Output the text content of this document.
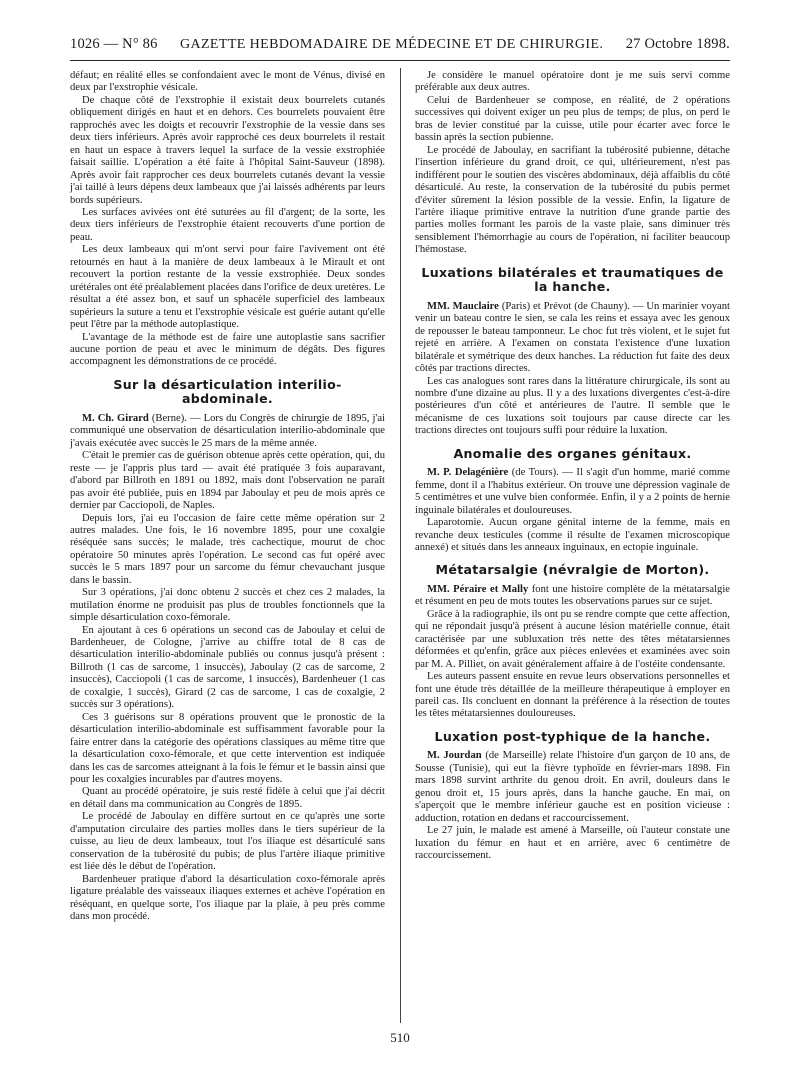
1026 — N° 86 GAZETTE HEBDOMADAIRE DE MÉDECINE ET DE CHIRURGIE. 27 Octobre 1898.

défaut; en réalité elles se confondaient avec le mont de Vénus, divisé en deux par l'exstrophie vésicale.

De chaque côté de l'exstrophie il existait deux bourrelets cutanés obliquement dirigés en haut et en dehors. Ces bourrelets pouvaient être rapprochés avec les doigts et recouvrir l'exstrophie de la vessie dans ses deux tiers inférieurs. Après avoir rapproché ces deux bourrelets il restait en haut un espace à travers lequel la surface de la vessie exstrophiée faisait saillie. L'opération a été faite à l'hôpital Saint-Sauveur (1898). Après avoir fait rapprocher ces deux bourrelets cutanés devant la vessie j'ai taillé à leurs dépens deux lambeaux que j'ai laissés adhérents par leurs bords supérieurs.

Les surfaces avivées ont été suturées au fil d'argent; de la sorte, les deux tiers inférieurs de l'exstrophie étaient recouverts d'une portion de peau.

Les deux lambeaux qui m'ont servi pour faire l'avivement ont été retournés en haut à la manière de deux lambeaux à le Mirault et ont recouvert la portion restante de la vessie exstrophiée. Deux sondes urétérales ont été préalablement placées dans l'orifice de deux uretères. Le résultat a été assez bon, et sauf un sphacèle superficiel des lambeaux supérieurs la suture a tenu et l'exstrophie vésicale est guérie autant qu'elle peut l'être par la méthode autoplastique.

L'avantage de la méthode est de faire une autoplastie sans sacrifier aucune portion de peau et avec le minimum de dégâts. Des figures accompagnent les démonstrations de ce procédé.

Sur la désarticulation interilio-abdominale.

M. Ch. Girard (Berne). — Lors du Congrès de chirurgie de 1895, j'ai communiqué une observation de désarticulation interilio-abdominale que j'avais exécutée avec succès le 25 mars de la même année.

C'était le premier cas de guérison obtenue après cette opération, qui, du reste — je l'appris plus tard — avait été pratiquée 3 fois auparavant, d'abord par Billroth en 1891 ou 1892, mais dont l'observation ne paraît pas avoir été publiée, puis en 1894 par Jaboulay et peu de mois après ce dernier par Cacciopoli, de Naples.

Depuis lors, j'ai eu l'occasion de faire cette même opération sur 2 autres malades. Une fois, le 16 novembre 1895, pour une coxalgie réséquée sans succès; le malade, très cachectique, mourut de choc opératoire 50 minutes après l'opération. Le second cas fut opéré avec succès le 5 mars 1897 pour un sarcome du fémur chevauchant jusque dans le bassin.

Sur 3 opérations, j'ai donc obtenu 2 succès et chez ces 2 malades, la mutilation énorme ne produisit pas plus de troubles fonctionnels que la simple désarticulation coxo-fémorale.

En ajoutant à ces 6 opérations un second cas de Jaboulay et celui de Bardenheuer, de Cologne, j'arrive au chiffre total de 8 cas de désarticulation interilio-abdominale publiés ou connus jusqu'à présent : Billroth (1 cas de sarcome, 1 insuccès), Jaboulay (2 cas de sarcome, 2 insuccès), Cacciopoli (1 cas de sarcome, 1 insuccès), Bardenheuer (1 cas de coxalgie, 1 succès), Girard (2 cas de sarcome, 1 cas de coxalgie, 2 succès sur 3 opérations).

Ces 3 guérisons sur 8 opérations prouvent que le pronostic de la désarticulation interilio-abdominale est suffisamment favorable pour la faire entrer dans la catégorie des opérations classiques au même titre que la désarticulation coxo-fémorale, et que cette intervention est indiquée dans les cas de sarcomes atteignant à la fois le fémur et le bassin ainsi que pour les coxalgies incurables par d'autres moyens.

Quant au procédé opératoire, je suis resté fidèle à celui que j'ai décrit en détail dans ma communication au Congrès de 1895.

Le procédé de Jaboulay en diffère surtout en ce qu'après une sorte d'amputation circulaire des parties molles dans le tiers supérieur de la cuisse, au lieu de deux lambeaux, tout l'os iliaque est désarticulé sans conservation de la tubérosité du pubis; de plus l'artère iliaque primitive est liée dès le début de l'opération.

Bardenheuer pratique d'abord la désarticulation coxo-fémorale après ligature préalable des vaisseaux iliaques externes et achève l'opération en réséquant, en quelque sorte, l'os iliaque par la plaie, à peu près comme dans mon procédé.

Je considère le manuel opératoire dont je me suis servi comme préférable aux deux autres.

Celui de Bardenheuer se compose, en réalité, de 2 opérations successives qui doivent exiger un peu plus de temps; de plus, on perd le bras de levier constitué par la cuisse, utile pour écarter avec force le bassin après la section pubienne.

Le procédé de Jaboulay, en sacrifiant la tubérosité pubienne, détache l'insertion inférieure du grand droit, ce qui, ultérieurement, n'est pas indifférent pour le soutien des viscères abdominaux, déjà affaiblis du côté désarticulé. Au reste, la conservation de la tubérosité du pubis permet d'éviter sûrement la lésion possible de la vessie. Enfin, la ligature de l'artère iliaque primitive entrave la nutrition d'une grande partie des parties molles formant les parois de la vaste plaie, sans diminuer très sensiblement l'hémorrhagie au cours de l'opération, ni faciliter beaucoup l'hémostase.

Luxations bilatérales et traumatiques de la hanche.

MM. Mauclaire (Paris) et Prévot (de Chauny). — Un marinier voyant venir un bateau contre le sien, se cala les reins et essaya avec les genoux de repousser le bateau tamponneur. Le choc fut très violent, et le sujet fut rejeté en arrière. A l'examen on constata l'existence d'une luxation bilatérale et symétrique des deux hanches. La réduction fut faite des deux côtés par tractions directes.

Les cas analogues sont rares dans la littérature chirurgicale, ils sont au nombre d'une dizaine au plus. Il y a des luxations divergentes c'est-à-dire postérieures d'un côté et antérieures de l'autre. Il semble que le mécanisme de ces luxations soit toujours par cause directe car les tractions directes ont toujours suffi pour réduire la luxation.

Anomalie des organes génitaux.

M. P. Delagénière (de Tours). — Il s'agit d'un homme, marié comme femme, dont il a l'habitus extérieur. On trouve une dépression vaginale de 5 centimètres et une vulve bien conformée. Enfin, il y a 2 points de hernie inguinale bilatérales et douloureuses.

Laparotomie. Aucun organe génital interne de la femme, mais en revanche deux testicules (comme il résulte de l'examen microscopique annexé) et situés dans les anneaux inguinaux, en ectopie inguinale.

Métatarsalgie (névralgie de Morton).

MM. Péraire et Mally font une histoire complète de la métatarsalgie et résument en peu de mots toutes les observations parues sur ce sujet.

Grâce à la radiographie, ils ont pu se rendre compte que cette affection, qui ne répondait jusqu'à présent à aucune lésion matérielle connue, était caractérisée par une subluxation très nette des têtes métatarsiennes déformées et qu'enfin, grâce aux pièces enlevées et examinées avec soin par M. A. Pilliet, on avait généralement affaire à de l'ostéite condensante.

Les auteurs passent ensuite en revue leurs observations personnelles et font une étude très détaillée de la meilleure thérapeutique à employer en pareil cas. Ils concluent en donnant la préférence à la résection de toutes les têtes métatarsiennes douloureuses.

Luxation post-typhique de la hanche.

M. Jourdan (de Marseille) relate l'histoire d'un garçon de 10 ans, de Sousse (Tunisie), qui eut la fièvre typhoïde en février-mars 1898. Fin mars 1898 survint arthrite du genou droit. En avril, douleurs dans le genou droit et, 15 jours après, dans la hanche gauche. En mai, on s'aperçoit que le membre inférieur gauche est en position vicieuse : adduction, rotation en dedans et raccourcissement.

Le 27 juin, le malade est amené à Marseille, où l'auteur constate une luxation du fémur en haut et en arrière, avec 6 centimètre de raccourcissement.

510
